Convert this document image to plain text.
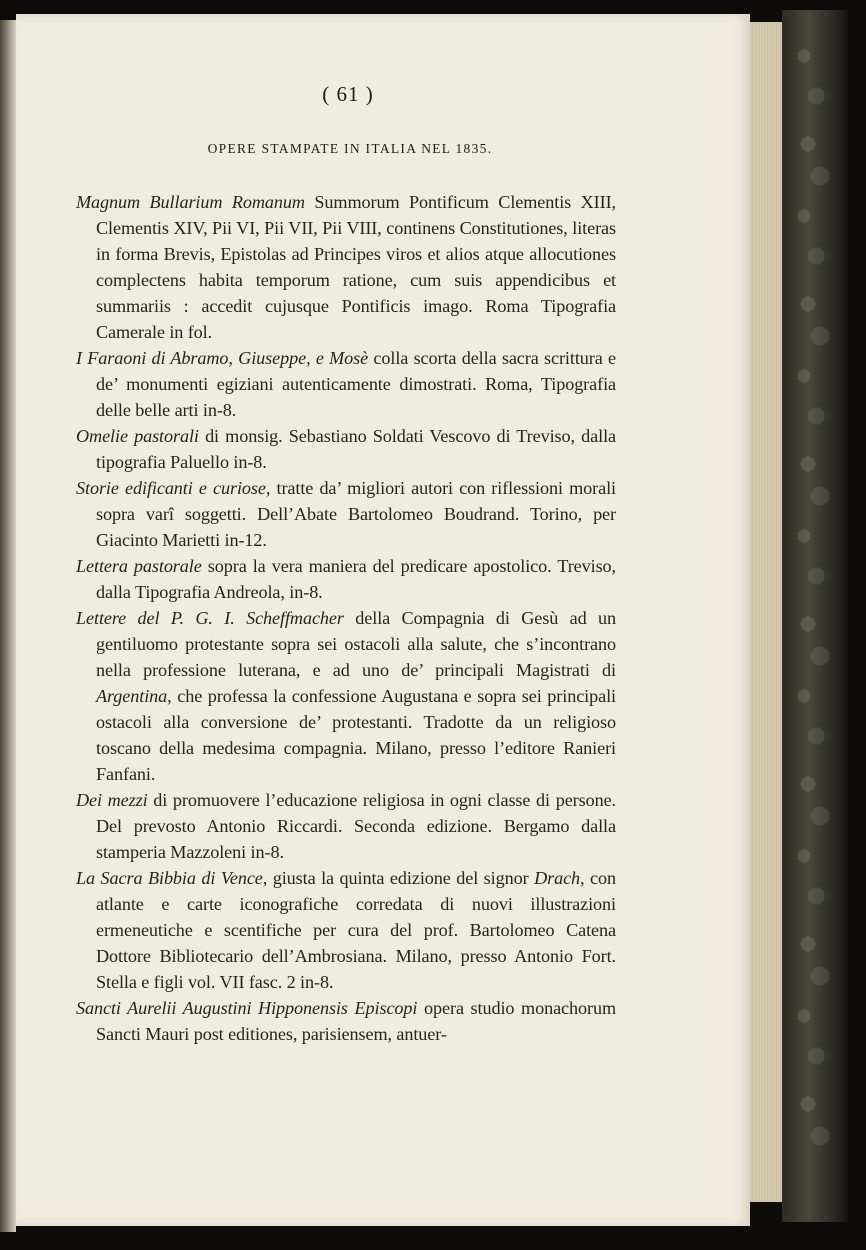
( 61 )
OPERE STAMPATE IN ITALIA NEL 1835.

Magnum Bullarium Romanum Summorum Pontificum Clementis XIII, Clementis XIV, Pii VI, Pii VII, Pii VIII, continens Constitutiones, literas in forma Brevis, Epistolas ad Principes viros et alios atque allocutiones complectens habita temporum ratione, cum suis appendicibus et summariis : accedit cujusque Pontificis imago. Roma Tipografia Camerale in fol.

I Faraoni di Abramo, Giuseppe, e Mosè colla scorta della sacra scrittura e de’ monumenti egiziani autenticamente dimostrati. Roma, Tipografia delle belle arti in-8.

Omelie pastorali di monsig. Sebastiano Soldati Vescovo di Treviso, dalla tipografia Paluello in-8.

Storie edificanti e curiose, tratte da’ migliori autori con riflessioni morali sopra varî soggetti. Dell’Abate Bartolomeo Boudrand. Torino, per Giacinto Marietti in-12.

Lettera pastorale sopra la vera maniera del predicare apostolico. Treviso, dalla Tipografia Andreola, in-8.

Lettere del P. G. I. Scheffmacher della Compagnia di Gesù ad un gentiluomo protestante sopra sei ostacoli alla salute, che s’incontrano nella professione luterana, e ad uno de’ principali Magistrati di Argentina, che professa la confessione Augustana e sopra sei principali ostacoli alla conversione de’ protestanti. Tradotte da un religioso toscano della medesima compagnia. Milano, presso l’editore Ranieri Fanfani.

Dei mezzi di promuovere l’educazione religiosa in ogni classe di persone. Del prevosto Antonio Riccardi. Seconda edizione. Bergamo dalla stamperia Mazzoleni in-8.

La Sacra Bibbia di Vence, giusta la quinta edizione del signor Drach, con atlante e carte iconografiche corredata di nuovi illustrazioni ermeneutiche e scentifiche per cura del prof. Bartolomeo Catena Dottore Bibliotecario dell’Ambrosiana. Milano, presso Antonio Fort. Stella e figli vol. VII fasc. 2 in-8.

Sancti Aurelii Augustini Hipponensis Episcopi opera studio monachorum Sancti Mauri post editiones, parisiensem, antuer-
